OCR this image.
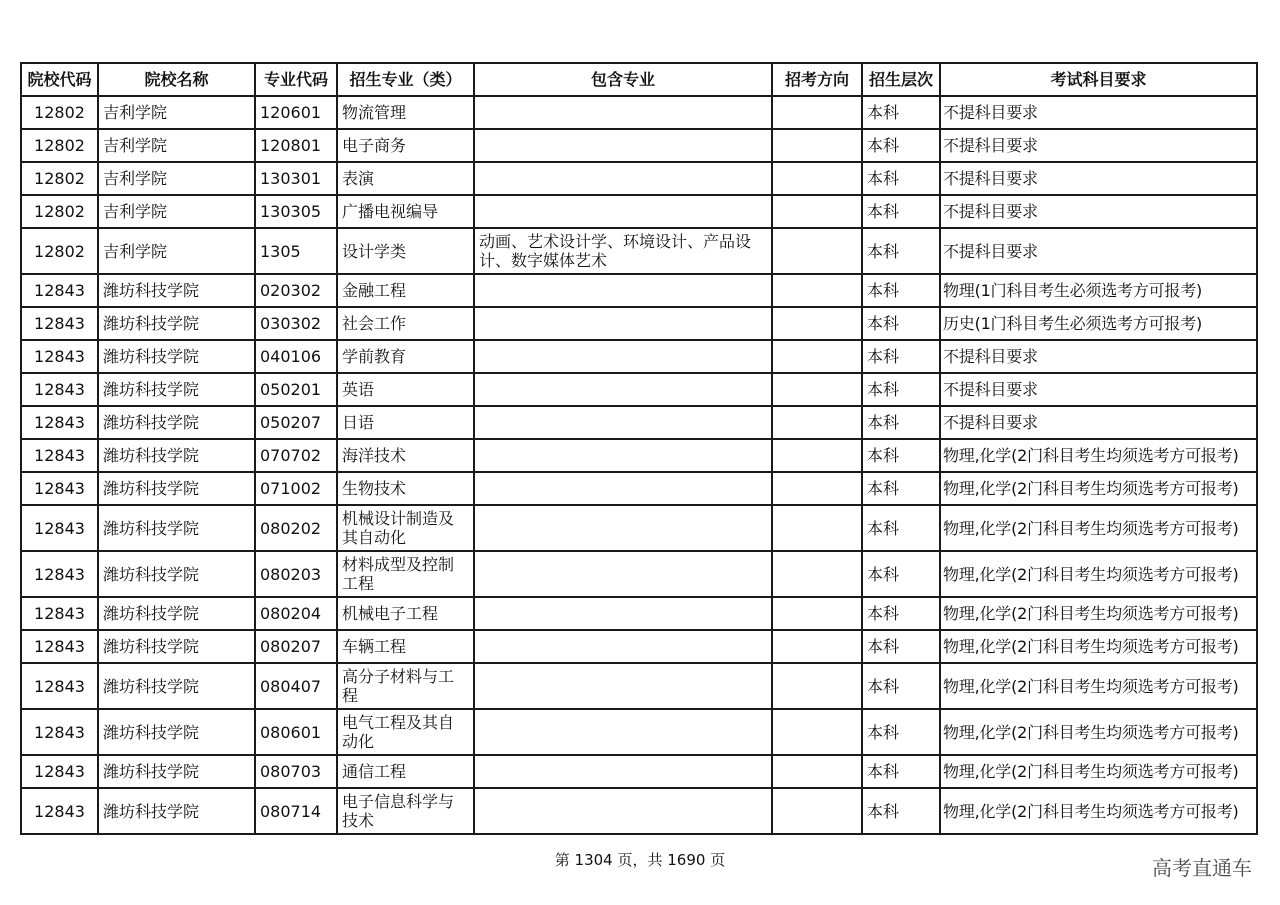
院校代码	院校名称	专业代码	招生专业（类）	包含专业	招考方向	招生层次	考试科目要求
12802	吉利学院	120601	物流管理			本科	不提科目要求
12802	吉利学院	120801	电子商务			本科	不提科目要求
12802	吉利学院	130301	表演			本科	不提科目要求
12802	吉利学院	130305	广播电视编导			本科	不提科目要求
12802	吉利学院	1305	设计学类	动画、艺术设计学、环境设计、产品设计、数字媒体艺术		本科	不提科目要求
12843	潍坊科技学院	020302	金融工程			本科	物理(1门科目考生必须选考方可报考)
12843	潍坊科技学院	030302	社会工作			本科	历史(1门科目考生必须选考方可报考)
12843	潍坊科技学院	040106	学前教育			本科	不提科目要求
12843	潍坊科技学院	050201	英语			本科	不提科目要求
12843	潍坊科技学院	050207	日语			本科	不提科目要求
12843	潍坊科技学院	070702	海洋技术			本科	物理,化学(2门科目考生均须选考方可报考)
12843	潍坊科技学院	071002	生物技术			本科	物理,化学(2门科目考生均须选考方可报考)
12843	潍坊科技学院	080202	机械设计制造及其自动化			本科	物理,化学(2门科目考生均须选考方可报考)
12843	潍坊科技学院	080203	材料成型及控制工程			本科	物理,化学(2门科目考生均须选考方可报考)
12843	潍坊科技学院	080204	机械电子工程			本科	物理,化学(2门科目考生均须选考方可报考)
12843	潍坊科技学院	080207	车辆工程			本科	物理,化学(2门科目考生均须选考方可报考)
12843	潍坊科技学院	080407	高分子材料与工程			本科	物理,化学(2门科目考生均须选考方可报考)
12843	潍坊科技学院	080601	电气工程及其自动化			本科	物理,化学(2门科目考生均须选考方可报考)
12843	潍坊科技学院	080703	通信工程			本科	物理,化学(2门科目考生均须选考方可报考)
12843	潍坊科技学院	080714	电子信息科学与技术			本科	物理,化学(2门科目考生均须选考方可报考)
第 1304 页，共 1690 页	高考直通车
